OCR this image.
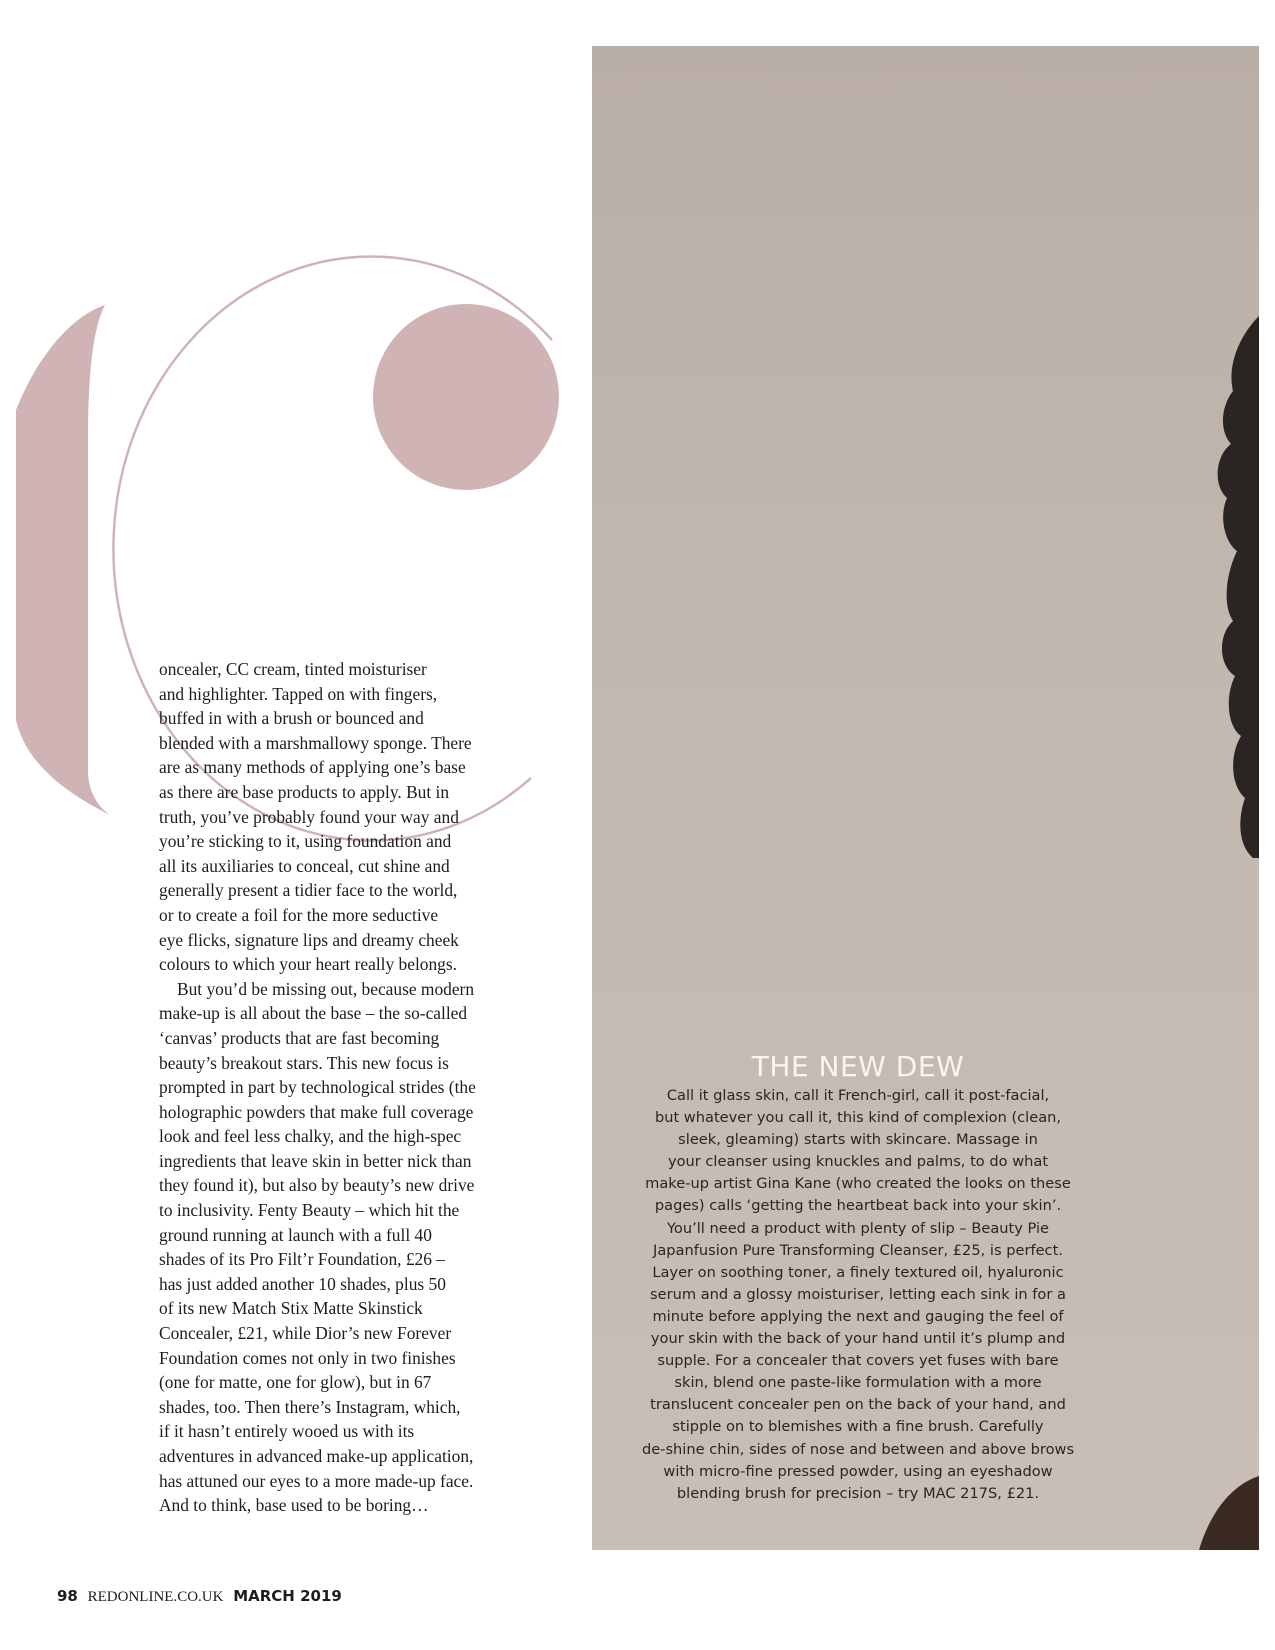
oncealer, CC cream, tinted moisturiser
and highlighter. Tapped on with fingers,
buffed in with a brush or bounced and
blended with a marshmallowy sponge. There
are as many methods of applying one’s base
as there are base products to apply. But in
truth, you’ve probably found your way and
you’re sticking to it, using foundation and
all its auxiliaries to conceal, cut shine and
generally present a tidier face to the world,
or to create a foil for the more seductive
eye flicks, signature lips and dreamy cheek
colours to which your heart really belongs.

But you’d be missing out, because modern
make-up is all about the base – the so-called
‘canvas’ products that are fast becoming
beauty’s breakout stars. This new focus is
prompted in part by technological strides (the
holographic powders that make full coverage
look and feel less chalky, and the high-spec
ingredients that leave skin in better nick than
they found it), but also by beauty’s new drive
to inclusivity. Fenty Beauty – which hit the
ground running at launch with a full 40
shades of its Pro Filt’r Foundation, £26 –
has just added another 10 shades, plus 50
of its new Match Stix Matte Skinstick
Concealer, £21, while Dior’s new Forever
Foundation comes not only in two finishes
(one for matte, one for glow), but in 67
shades, too. Then there’s Instagram, which,
if it hasn’t entirely wooed us with its
adventures in advanced make-up application,
has attuned our eyes to a more made-up face.
And to think, base used to be boring…

THE NEW DEW
Call it glass skin, call it French-girl, call it post-facial,
but whatever you call it, this kind of complexion (clean,
sleek, gleaming) starts with skincare. Massage in
your cleanser using knuckles and palms, to do what
make-up artist Gina Kane (who created the looks on these
pages) calls ‘getting the heartbeat back into your skin’.
You’ll need a product with plenty of slip – Beauty Pie
Japanfusion Pure Transforming Cleanser, £25, is perfect.
Layer on soothing toner, a finely textured oil, hyaluronic
serum and a glossy moisturiser, letting each sink in for a
minute before applying the next and gauging the feel of
your skin with the back of your hand until it’s plump and
supple. For a concealer that covers yet fuses with bare
skin, blend one paste-like formulation with a more
translucent concealer pen on the back of your hand, and
stipple on to blemishes with a fine brush. Carefully
de-shine chin, sides of nose and between and above brows
with micro-fine pressed powder, using an eyeshadow
blending brush for precision – try MAC 217S, £21.
98 REDONLINE.CO.UK MARCH 2019
